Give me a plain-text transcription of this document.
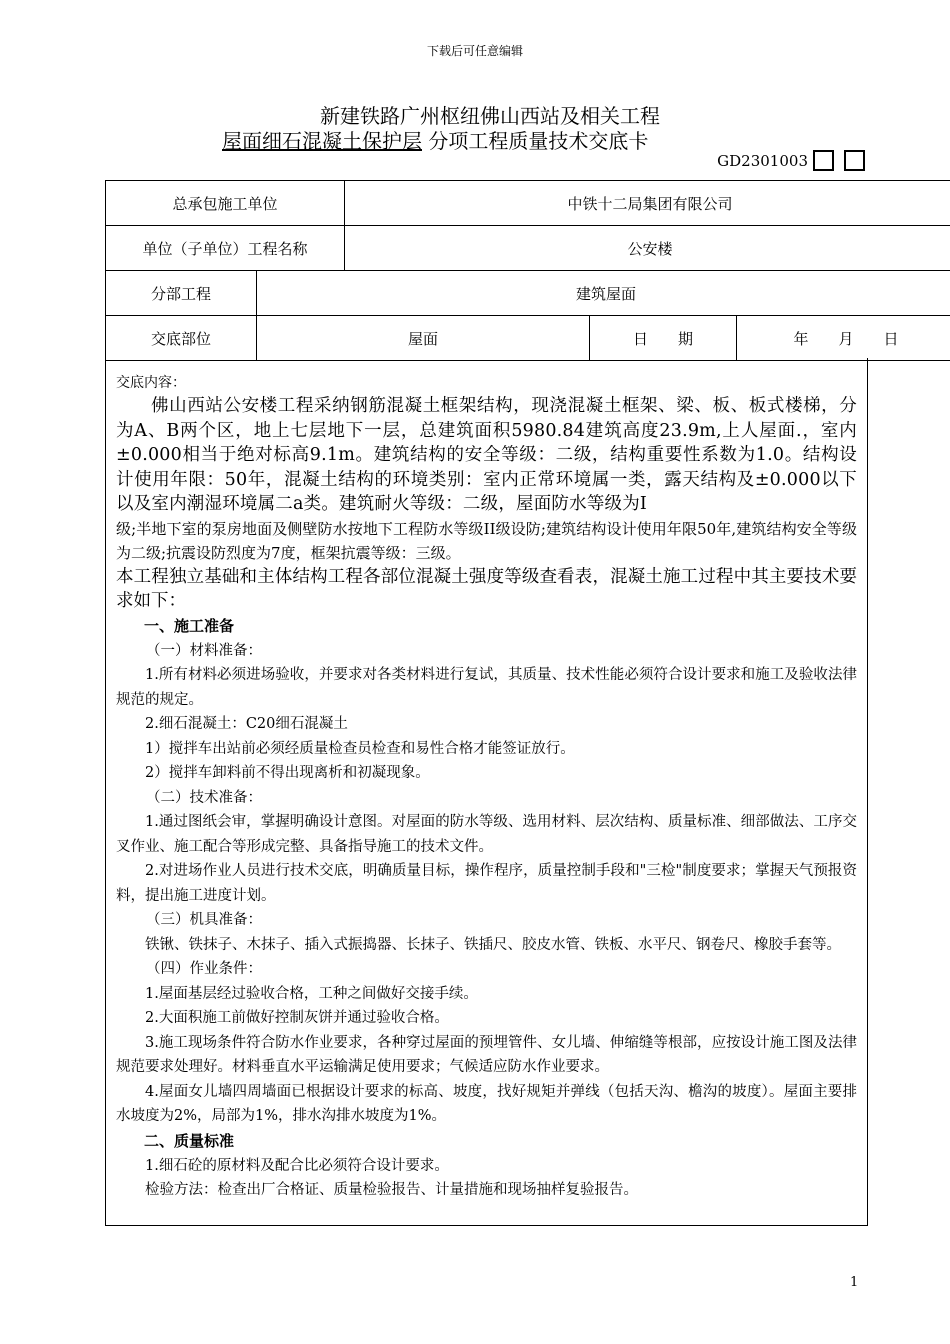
下载后可任意编辑
新建铁路广州枢纽佛山西站及相关工程
屋面细石混凝土保护层 分项工程质量技术交底卡
GD2301003
总承包施工单位		中铁十二局集团有限公司		
单位（子单位）工程名称		公安楼		
分部工程	建筑屋面			
交底部位	屋面		日　　期	年　　月　　日

交底内容：

佛山西站公安楼工程采纳钢筋混凝土框架结构，现浇混凝土框架、梁、板、板式楼梯，分为A、B两个区，地上七层地下一层，总建筑面积5980.84建筑高度23.9m,上人屋面.，室内±0.000相当于绝对标高9.1m。建筑结构的安全等级：二级，结构重要性系数为1.0。结构设计使用年限：50年，混凝土结构的环境类别：室内正常环境属一类，露天结构及±0.000以下以及室内潮湿环境属二a类。建筑耐火等级：二级，屋面防水等级为Ⅰ

级;半地下室的泵房地面及侧壁防水按地下工程防水等级II级设防;建筑结构设计使用年限50年,建筑结构安全等级为二级;抗震设防烈度为7度，框架抗震等级：三级。

本工程独立基础和主体结构工程各部位混凝土强度等级查看表，混凝土施工过程中其主要技术要求如下：

一、施工准备

（一）材料准备：

1.所有材料必须进场验收，并要求对各类材料进行复试，其质量、技术性能必须符合设计要求和施工及验收法律规范的规定。

2.细石混凝土：C20细石混凝土

1）搅拌车出站前必须经质量检查员检查和易性合格才能签证放行。

2）搅拌车卸料前不得出现离析和初凝现象。

（二）技术准备：

1.通过图纸会审，掌握明确设计意图。对屋面的防水等级、选用材料、层次结构、质量标准、细部做法、工序交叉作业、施工配合等形成完整、具备指导施工的技术文件。

2.对进场作业人员进行技术交底，明确质量目标，操作程序，质量控制手段和"三检"制度要求；掌握天气预报资料，提出施工进度计划。

（三）机具准备：

铁锹、铁抹子、木抹子、插入式振捣器、长抹子、铁插尺、胶皮水管、铁板、水平尺、钢卷尺、橡胶手套等。

（四）作业条件：

1.屋面基层经过验收合格，工种之间做好交接手续。

2.大面积施工前做好控制灰饼并通过验收合格。

3.施工现场条件符合防水作业要求，各种穿过屋面的预埋管件、女儿墙、伸缩缝等根部，应按设计施工图及法律规范要求处理好。材料垂直水平运输满足使用要求；气候适应防水作业要求。

4.屋面女儿墙四周墙面已根据设计要求的标高、坡度，找好规矩并弹线（包括天沟、檐沟的坡度）。屋面主要排水坡度为2%，局部为1%，排水沟排水坡度为1%。

二、质量标准

1.细石砼的原材料及配合比必须符合设计要求。

检验方法：检查出厂合格证、质量检验报告、计量措施和现场抽样复验报告。

1
